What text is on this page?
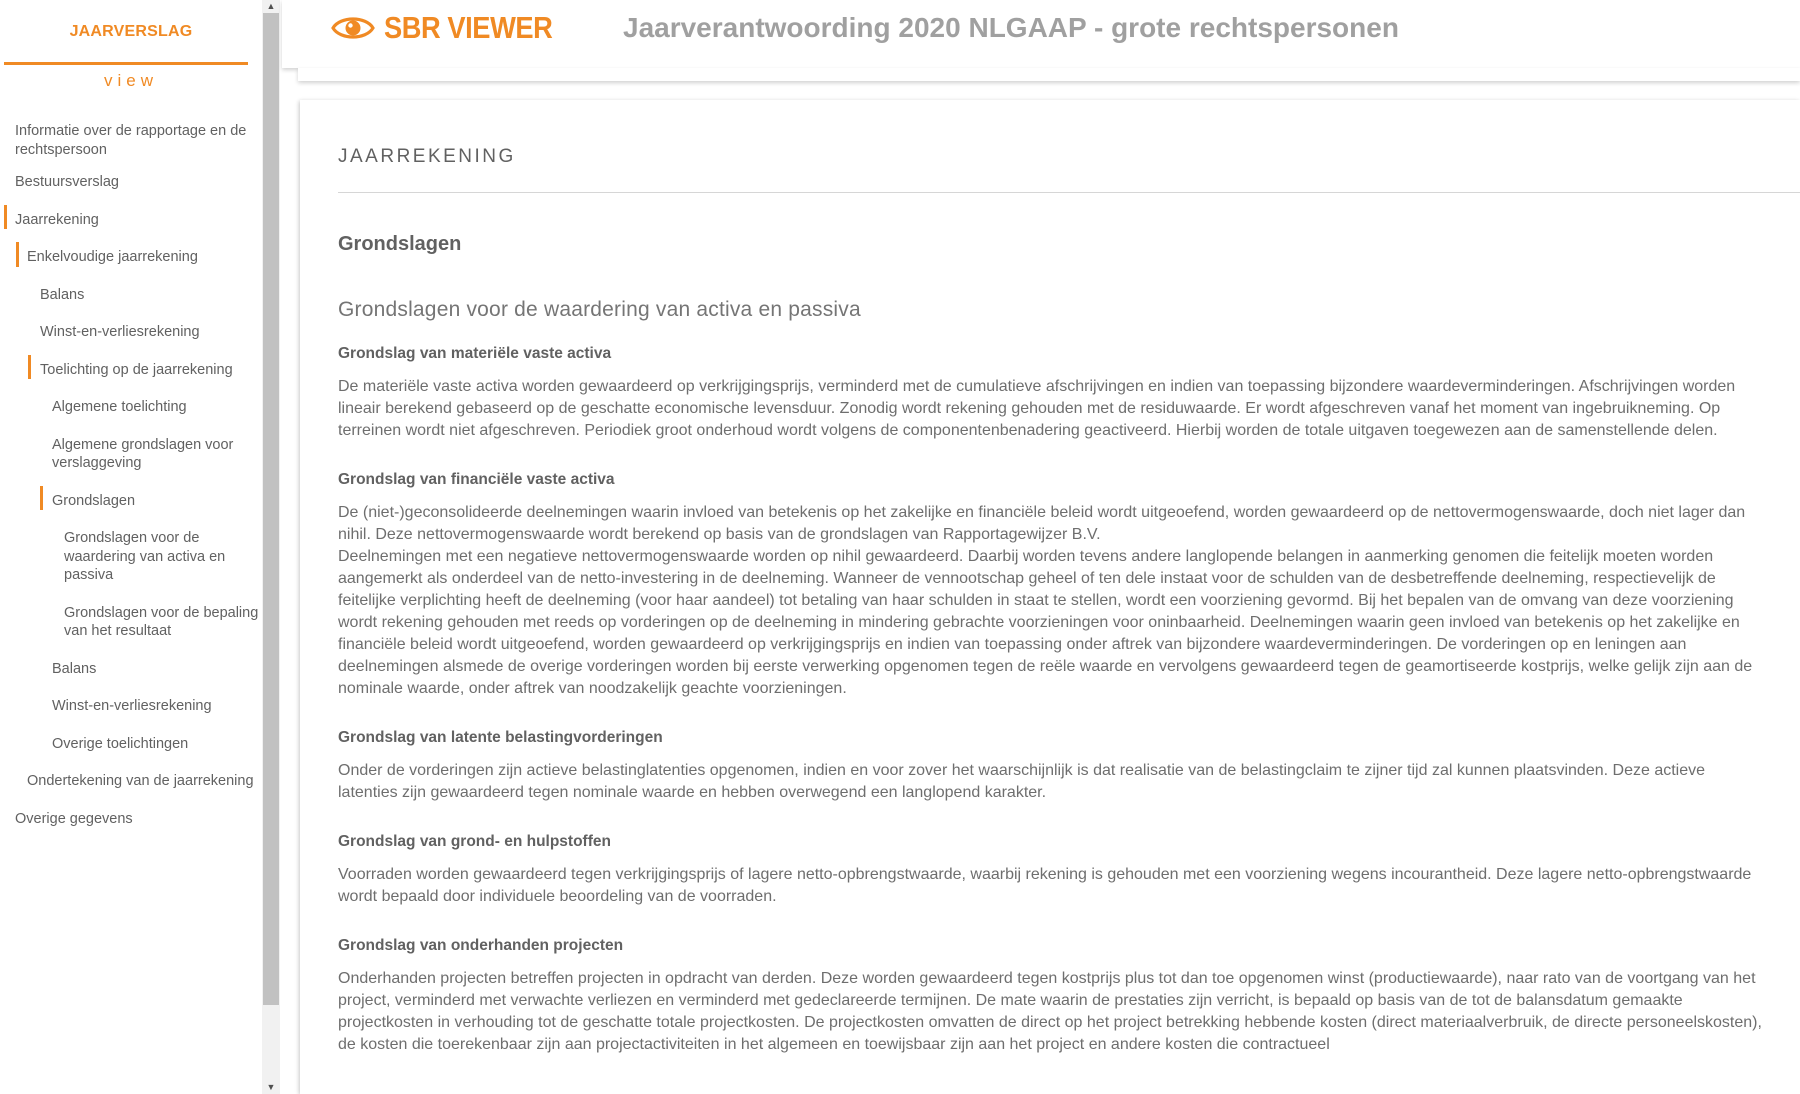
JAARVERSLAG
view
Informatie over de rapportage en de
rechtspersoon
Bestuursverslag
Jaarrekening
Enkelvoudige jaarrekening
Balans
Winst-en-verliesrekening
Toelichting op de jaarrekening
Algemene toelichting
Algemene grondslagen voor
verslaggeving
Grondslagen
Grondslagen voor de
waardering van activa en
passiva
Grondslagen voor de bepaling
van het resultaat
Balans
Winst-en-verliesrekening
Overige toelichtingen
Ondertekening van de jaarrekening
Overige gegevens
▲
▼
SBR VIEWER	Jaarverantwoording 2020 NLGAAP - grote rechtspersonen
JAARREKENING
Grondslagen
Grondslagen voor de waardering van activa en passiva
Grondslag van materiële vaste activa
De materiële vaste activa worden gewaardeerd op verkrijgingsprijs, verminderd met de cumulatieve afschrijvingen en indien van toepassing bijzondere waardeverminderingen. Afschrijvingen worden lineair berekend gebaseerd op de geschatte economische levensduur. Zonodig wordt rekening gehouden met de residuwaarde. Er wordt afgeschreven vanaf het moment van ingebruikneming. Op terreinen wordt niet afgeschreven. Periodiek groot onderhoud wordt volgens de componentenbenadering geactiveerd. Hierbij worden de totale uitgaven toegewezen aan de samenstellende delen.
Grondslag van financiële vaste activa
De (niet-)geconsolideerde deelnemingen waarin invloed van betekenis op het zakelijke en financiële beleid wordt uitgeoefend, worden gewaardeerd op de nettovermogenswaarde, doch niet lager dan nihil. Deze nettovermogenswaarde wordt berekend op basis van de grondslagen van Rapportagewijzer B.V.
Deelnemingen met een negatieve nettovermogenswaarde worden op nihil gewaardeerd. Daarbij worden tevens andere langlopende belangen in aanmerking genomen die feitelijk moeten worden aangemerkt als onderdeel van de netto-investering in de deelneming. Wanneer de vennootschap geheel of ten dele instaat voor de schulden van de desbetreffende deelneming, respectievelijk de feitelijke verplichting heeft de deelneming (voor haar aandeel) tot betaling van haar schulden in staat te stellen, wordt een voorziening gevormd. Bij het bepalen van de omvang van deze voorziening wordt rekening gehouden met reeds op vorderingen op de deelneming in mindering gebrachte voorzieningen voor oninbaarheid. Deelnemingen waarin geen invloed van betekenis op het zakelijke en financiële beleid wordt uitgeoefend, worden gewaardeerd op verkrijgingsprijs en indien van toepassing onder aftrek van bijzondere waardeverminderingen. De vorderingen op en leningen aan deelnemingen alsmede de overige vorderingen worden bij eerste verwerking opgenomen tegen de reële waarde en vervolgens gewaardeerd tegen de geamortiseerde kostprijs, welke gelijk zijn aan de nominale waarde, onder aftrek van noodzakelijk geachte voorzieningen.
Grondslag van latente belastingvorderingen
Onder de vorderingen zijn actieve belastinglatenties opgenomen, indien en voor zover het waarschijnlijk is dat realisatie van de belastingclaim te zijner tijd zal kunnen plaatsvinden. Deze actieve latenties zijn gewaardeerd tegen nominale waarde en hebben overwegend een langlopend karakter.
Grondslag van grond- en hulpstoffen
Voorraden worden gewaardeerd tegen verkrijgingsprijs of lagere netto-opbrengstwaarde, waarbij rekening is gehouden met een voorziening wegens incourantheid. Deze lagere netto-opbrengstwaarde wordt bepaald door individuele beoordeling van de voorraden.
Grondslag van onderhanden projecten
Onderhanden projecten betreffen projecten in opdracht van derden. Deze worden gewaardeerd tegen kostprijs plus tot dan toe opgenomen winst (productiewaarde), naar rato van de voortgang van het project, verminderd met verwachte verliezen en verminderd met gedeclareerde termijnen. De mate waarin de prestaties zijn verricht, is bepaald op basis van de tot de balansdatum gemaakte projectkosten in verhouding tot de geschatte totale projectkosten. De projectkosten omvatten de direct op het project betrekking hebbende kosten (direct materiaalverbruik, de directe personeelskosten), de kosten die toerekenbaar zijn aan projectactiviteiten in het algemeen en toewijsbaar zijn aan het project en andere kosten die contractueel
